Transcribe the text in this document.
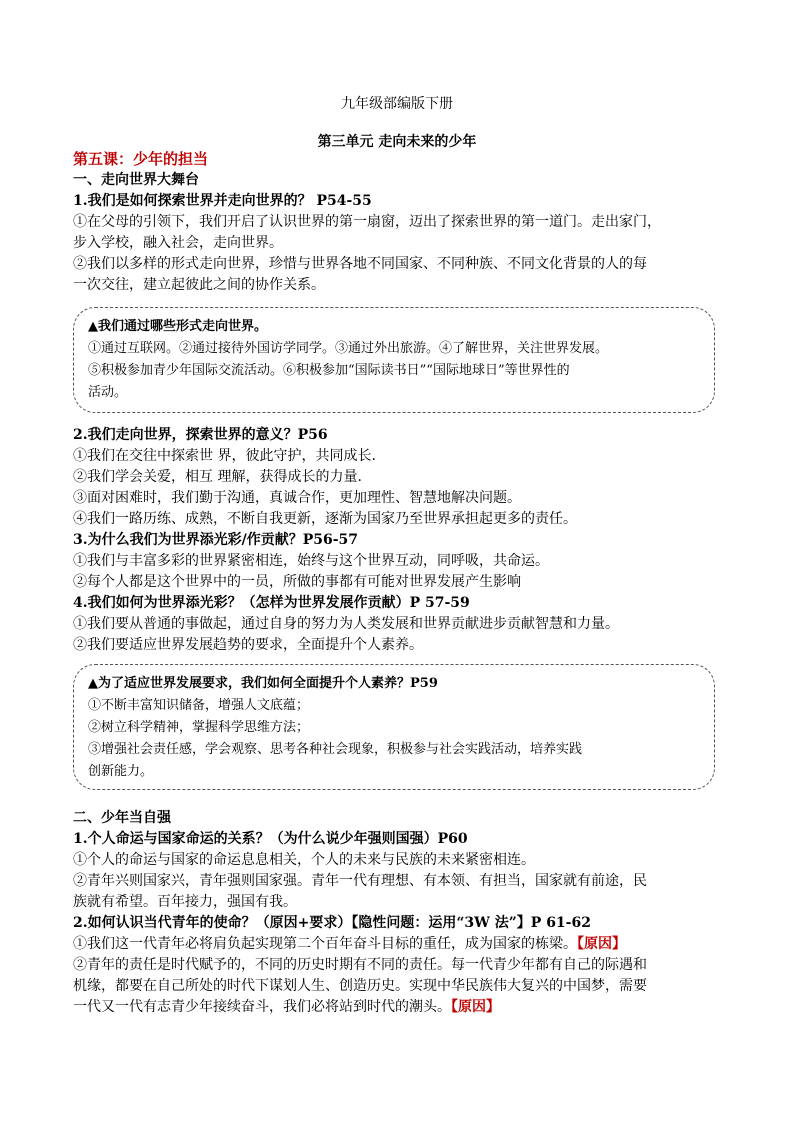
九年级部编版下册
第三单元 走向未来的少年
第五课：少年的担当
一、走向世界大舞台
1.我们是如何探索世界并走向世界的？ P54-55
①在父母的引领下，我们开启了认识世界的第一扇窗，迈出了探索世界的第一道门。走出家门，
步入学校，融入社会，走向世界。
②我们以多样的形式走向世界，珍惜与世界各地不同国家、不同种族、不同文化背景的人的每
一次交往，建立起彼此之间的协作关系。
▲我们通过哪些形式走向世界。
①通过互联网。②通过接待外国访学同学。③通过外出旅游。④了解世界，关注世界发展。
⑤积极参加青少年国际交流活动。⑥积极参加“国际读书日”“国际地球日”等世界性的
活动。
2.我们走向世界，探索世界的意义？P56
①我们在交往中探索世 界，彼此守护，共同成长.
②我们学会关爱，相互 理解，获得成长的力量.
③面对困难时，我们勤于沟通，真诚合作，更加理性、智慧地解决问题。
④我们一路历练、成熟，不断自我更新，逐渐为国家乃至世界承担起更多的责任。
3.为什么我们为世界添光彩/作贡献？P56-57
①我们与丰富多彩的世界紧密相连，始终与这个世界互动，同呼吸，共命运。
②每个人都是这个世界中的一员，所做的事都有可能对世界发展产生影响
4.我们如何为世界添光彩？（怎样为世界发展作贡献）P 57-59
①我们要从普通的事做起，通过自身的努力为人类发展和世界贡献进步贡献智慧和力量。
②我们要适应世界发展趋势的要求，全面提升个人素养。
▲为了适应世界发展要求，我们如何全面提升个人素养？P59
①不断丰富知识储备，增强人文底蕴；
②树立科学精神，掌握科学思维方法；
③增强社会责任感，学会观察、思考各种社会现象，积极参与社会实践活动，培养实践
创新能力。
二、少年当自强
1.个人命运与国家命运的关系？（为什么说少年强则国强）P60
①个人的命运与国家的命运息息相关，个人的未来与民族的未来紧密相连。
②青年兴则国家兴，青年强则国家强。青年一代有理想、有本领、有担当，国家就有前途，民
族就有希望。百年接力，强国有我。
2.如何认识当代青年的使命？（原因+要求）【隐性问题：运用“3W 法”】P 61-62
①我们这一代青年必将肩负起实现第二个百年奋斗目标的重任，成为国家的栋梁。【原因】
②青年的责任是时代赋予的，不同的历史时期有不同的责任。每一代青少年都有自己的际遇和
机缘，都要在自己所处的时代下谋划人生、创造历史。实现中华民族伟大复兴的中国梦，需要
一代又一代有志青少年接续奋斗，我们必将站到时代的潮头。【原因】
